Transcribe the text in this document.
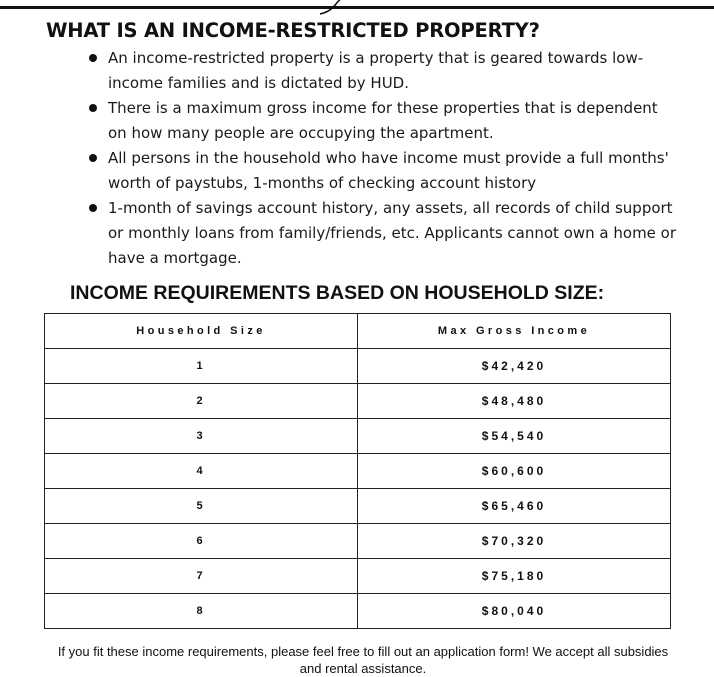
WHAT IS AN INCOME-RESTRICTED PROPERTY?
An income-restricted property is a property that is geared towards low-income families and is dictated by HUD.
There is a maximum gross income for these properties that is dependent on how many people are occupying the apartment.
All persons in the household who have income must provide a full months' worth of paystubs, 1-months of checking account history
1-month of savings account history, any assets, all records of child support or monthly loans from family/friends, etc. Applicants cannot own a home or have a mortgage.
INCOME REQUIREMENTS BASED ON HOUSEHOLD SIZE:
Household Size	Max Gross Income
1	$42,420
2	$48,480
3	$54,540
4	$60,600
5	$65,460
6	$70,320
7	$75,180
8	$80,040

If you fit these income requirements, please feel free to fill out an application form! We accept all subsidies and rental assistance.
